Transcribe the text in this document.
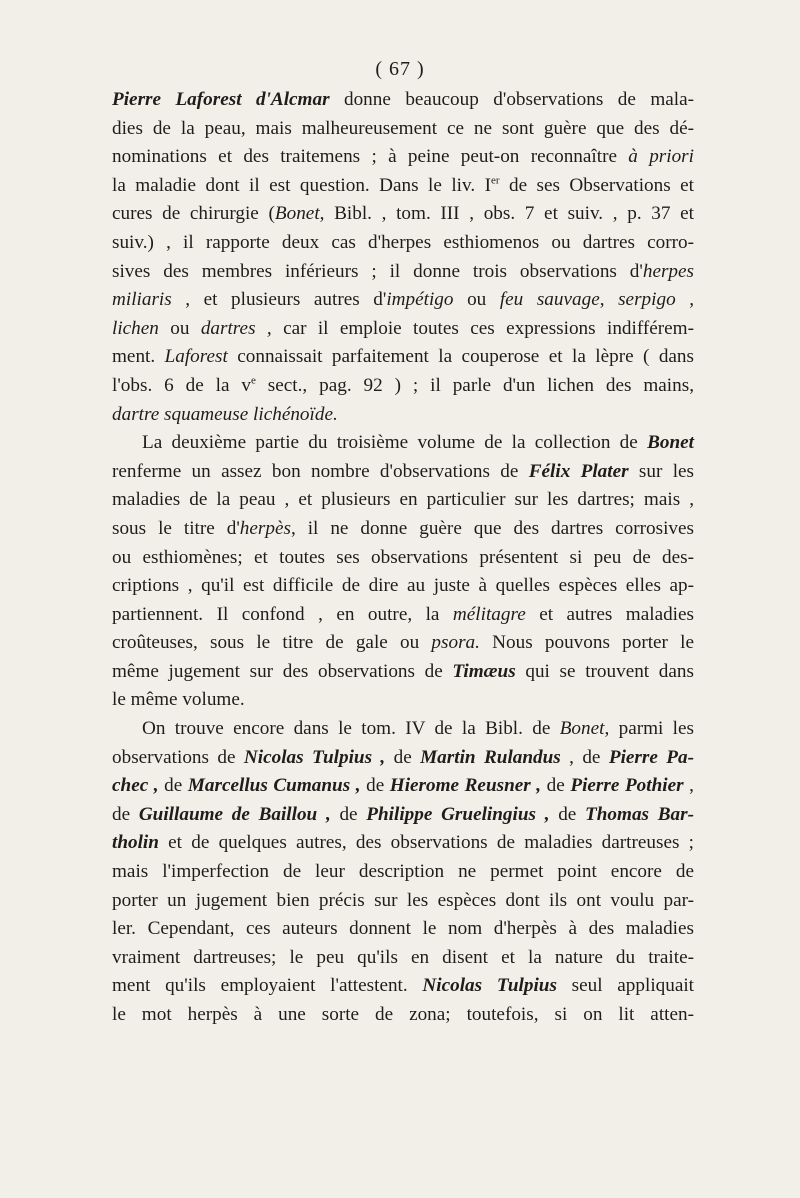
( 67 )

Pierre Laforest d'Alcmar donne beaucoup d'observations de mala-
dies de la peau, mais malheureusement ce ne sont guère que des dé-
nominations et des traitemens ; à peine peut-on reconnaître à priori
la maladie dont il est question. Dans le liv. Ier de ses Observations et
cures de chirurgie (Bonet, Bibl. , tom. III , obs. 7 et suiv. , p. 37 et
suiv.) , il rapporte deux cas d'herpes esthiomenos ou dartres corro-
sives des membres inférieurs ; il donne trois observations d'herpes
miliaris , et plusieurs autres d'impétigo ou feu sauvage, serpigo ,
lichen ou dartres , car il emploie toutes ces expressions indifférem-
ment. Laforest connaissait parfaitement la couperose et la lèpre ( dans
l'obs. 6 de la $v^e$ sect., pag. 92 ) ; il parle d'un lichen des mains,
dartre squameuse lichénoïde.

La deuxième partie du troisième volume de la collection de Bonet
renferme un assez bon nombre d'observations de Félix Plater sur les
maladies de la peau , et plusieurs en particulier sur les dartres; mais ,
sous le titre d'herpès, il ne donne guère que des dartres corrosives
ou esthiomènes; et toutes ses observations présentent si peu de des-
criptions , qu'il est difficile de dire au juste à quelles espèces elles ap-
partiennent. Il confond , en outre, la mélitagre et autres maladies
croûteuses, sous le titre de gale ou psora. Nous pouvons porter le
même jugement sur des observations de Timæus qui se trouvent dans
le même volume.

On trouve encore dans le tom. IV de la Bibl. de Bonet, parmi les
observations de Nicolas Tulpius , de Martin Rulandus , de Pierre Pa-
chec , de Marcellus Cumanus , de Hierome Reusner , de Pierre Pothier ,
de Guillaume de Baillou , de Philippe Gruelingius , de Thomas Bar-
tholin et de quelques autres, des observations de maladies dartreuses ;
mais l'imperfection de leur description ne permet point encore de
porter un jugement bien précis sur les espèces dont ils ont voulu par-
ler. Cependant, ces auteurs donnent le nom d'herpès à des maladies
vraiment dartreuses; le peu qu'ils en disent et la nature du traite-
ment qu'ils employaient l'attestent. Nicolas Tulpius seul appliquait
le mot herpès à une sorte de zona; toutefois, si on lit atten-
